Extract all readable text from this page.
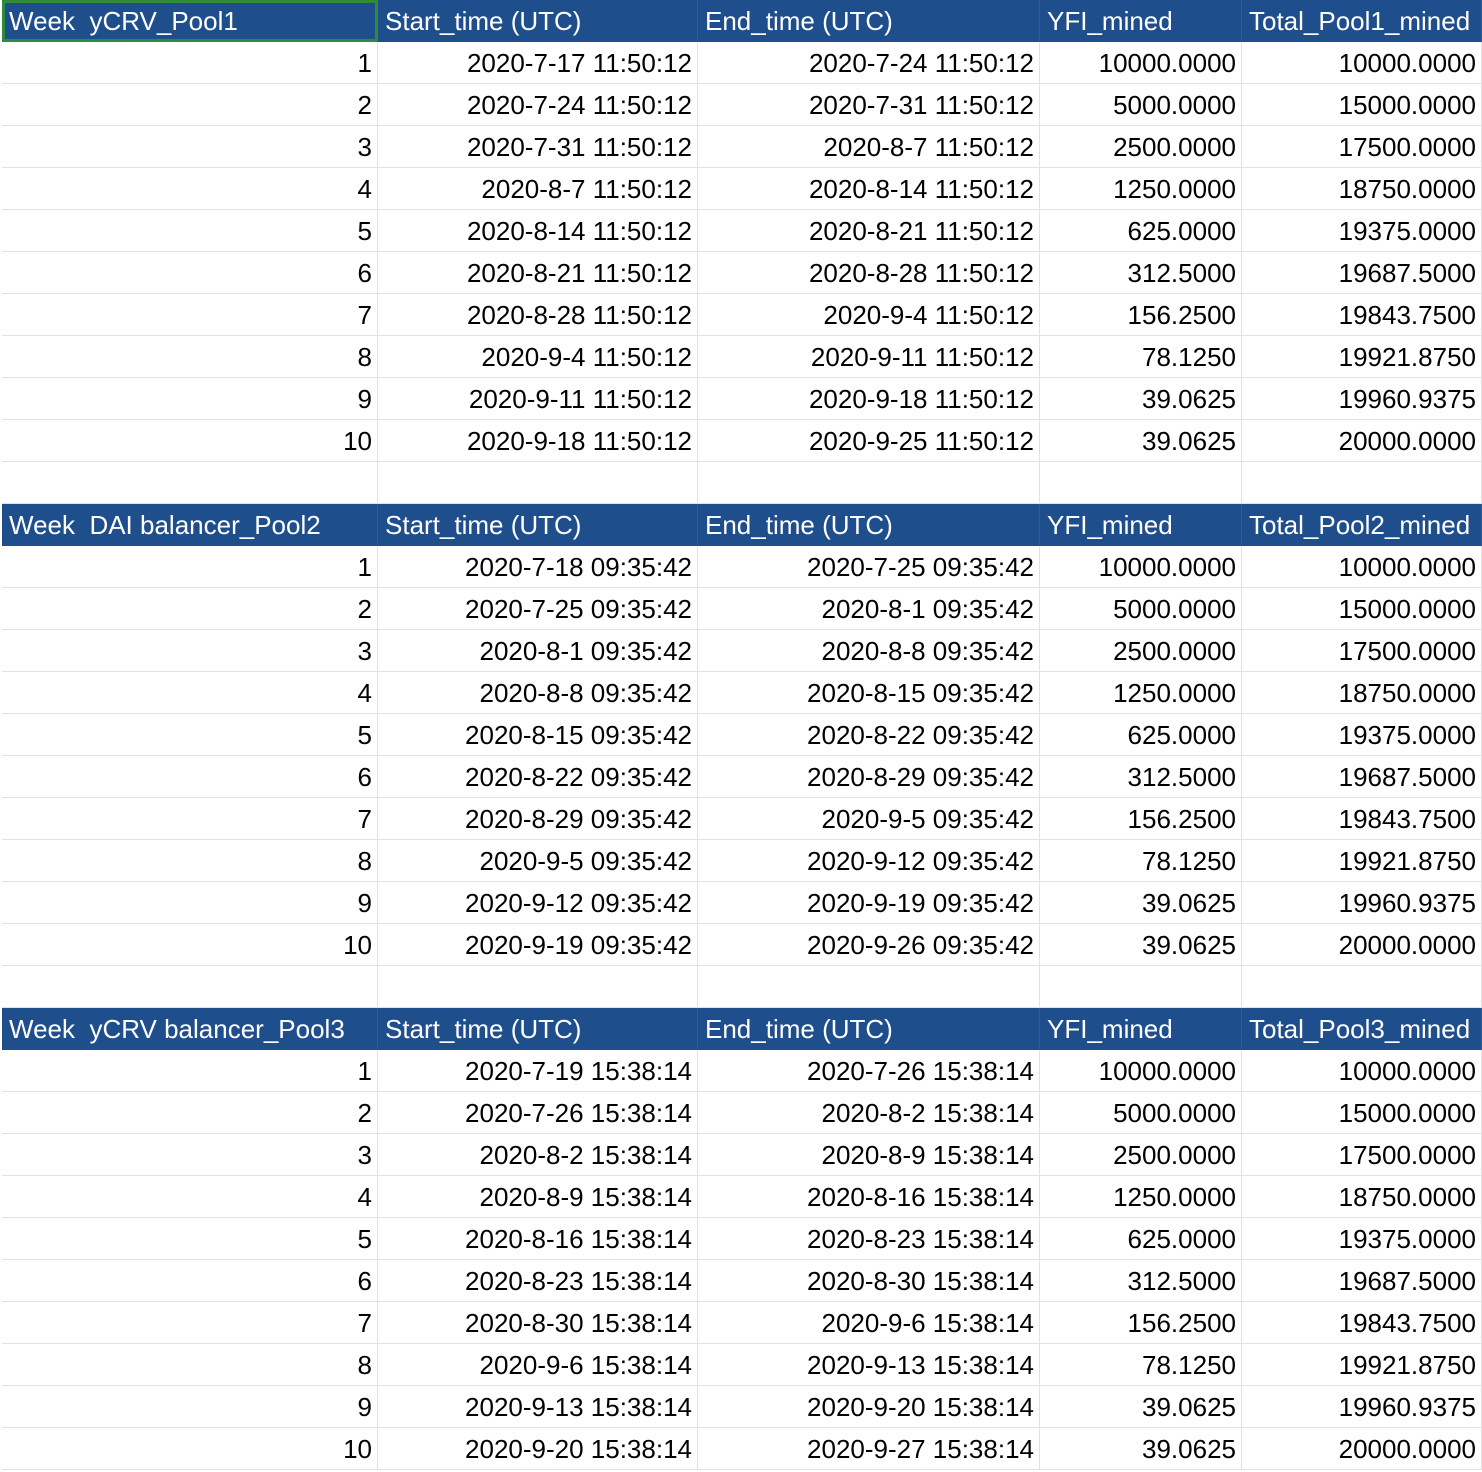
Week  yCRV_Pool1	Start_time (UTC)	End_time (UTC)	YFI_mined	Total_Pool1_mined
1	2020-7-17 11:50:12	2020-7-24 11:50:12	10000.0000	10000.0000
2	2020-7-24 11:50:12	2020-7-31 11:50:12	5000.0000	15000.0000
3	2020-7-31 11:50:12	2020-8-7 11:50:12	2500.0000	17500.0000
4	2020-8-7 11:50:12	2020-8-14 11:50:12	1250.0000	18750.0000
5	2020-8-14 11:50:12	2020-8-21 11:50:12	625.0000	19375.0000
6	2020-8-21 11:50:12	2020-8-28 11:50:12	312.5000	19687.5000
7	2020-8-28 11:50:12	2020-9-4 11:50:12	156.2500	19843.7500
8	2020-9-4 11:50:12	2020-9-11 11:50:12	78.1250	19921.8750
9	2020-9-11 11:50:12	2020-9-18 11:50:12	39.0625	19960.9375
10	2020-9-18 11:50:12	2020-9-25 11:50:12	39.0625	20000.0000
Week  DAI balancer_Pool2	Start_time (UTC)	End_time (UTC)	YFI_mined	Total_Pool2_mined
1	2020-7-18 09:35:42	2020-7-25 09:35:42	10000.0000	10000.0000
2	2020-7-25 09:35:42	2020-8-1 09:35:42	5000.0000	15000.0000
3	2020-8-1 09:35:42	2020-8-8 09:35:42	2500.0000	17500.0000
4	2020-8-8 09:35:42	2020-8-15 09:35:42	1250.0000	18750.0000
5	2020-8-15 09:35:42	2020-8-22 09:35:42	625.0000	19375.0000
6	2020-8-22 09:35:42	2020-8-29 09:35:42	312.5000	19687.5000
7	2020-8-29 09:35:42	2020-9-5 09:35:42	156.2500	19843.7500
8	2020-9-5 09:35:42	2020-9-12 09:35:42	78.1250	19921.8750
9	2020-9-12 09:35:42	2020-9-19 09:35:42	39.0625	19960.9375
10	2020-9-19 09:35:42	2020-9-26 09:35:42	39.0625	20000.0000
Week  yCRV balancer_Pool3	Start_time (UTC)	End_time (UTC)	YFI_mined	Total_Pool3_mined
1	2020-7-19 15:38:14	2020-7-26 15:38:14	10000.0000	10000.0000
2	2020-7-26 15:38:14	2020-8-2 15:38:14	5000.0000	15000.0000
3	2020-8-2 15:38:14	2020-8-9 15:38:14	2500.0000	17500.0000
4	2020-8-9 15:38:14	2020-8-16 15:38:14	1250.0000	18750.0000
5	2020-8-16 15:38:14	2020-8-23 15:38:14	625.0000	19375.0000
6	2020-8-23 15:38:14	2020-8-30 15:38:14	312.5000	19687.5000
7	2020-8-30 15:38:14	2020-9-6 15:38:14	156.2500	19843.7500
8	2020-9-6 15:38:14	2020-9-13 15:38:14	78.1250	19921.8750
9	2020-9-13 15:38:14	2020-9-20 15:38:14	39.0625	19960.9375
10	2020-9-20 15:38:14	2020-9-27 15:38:14	39.0625	20000.0000
